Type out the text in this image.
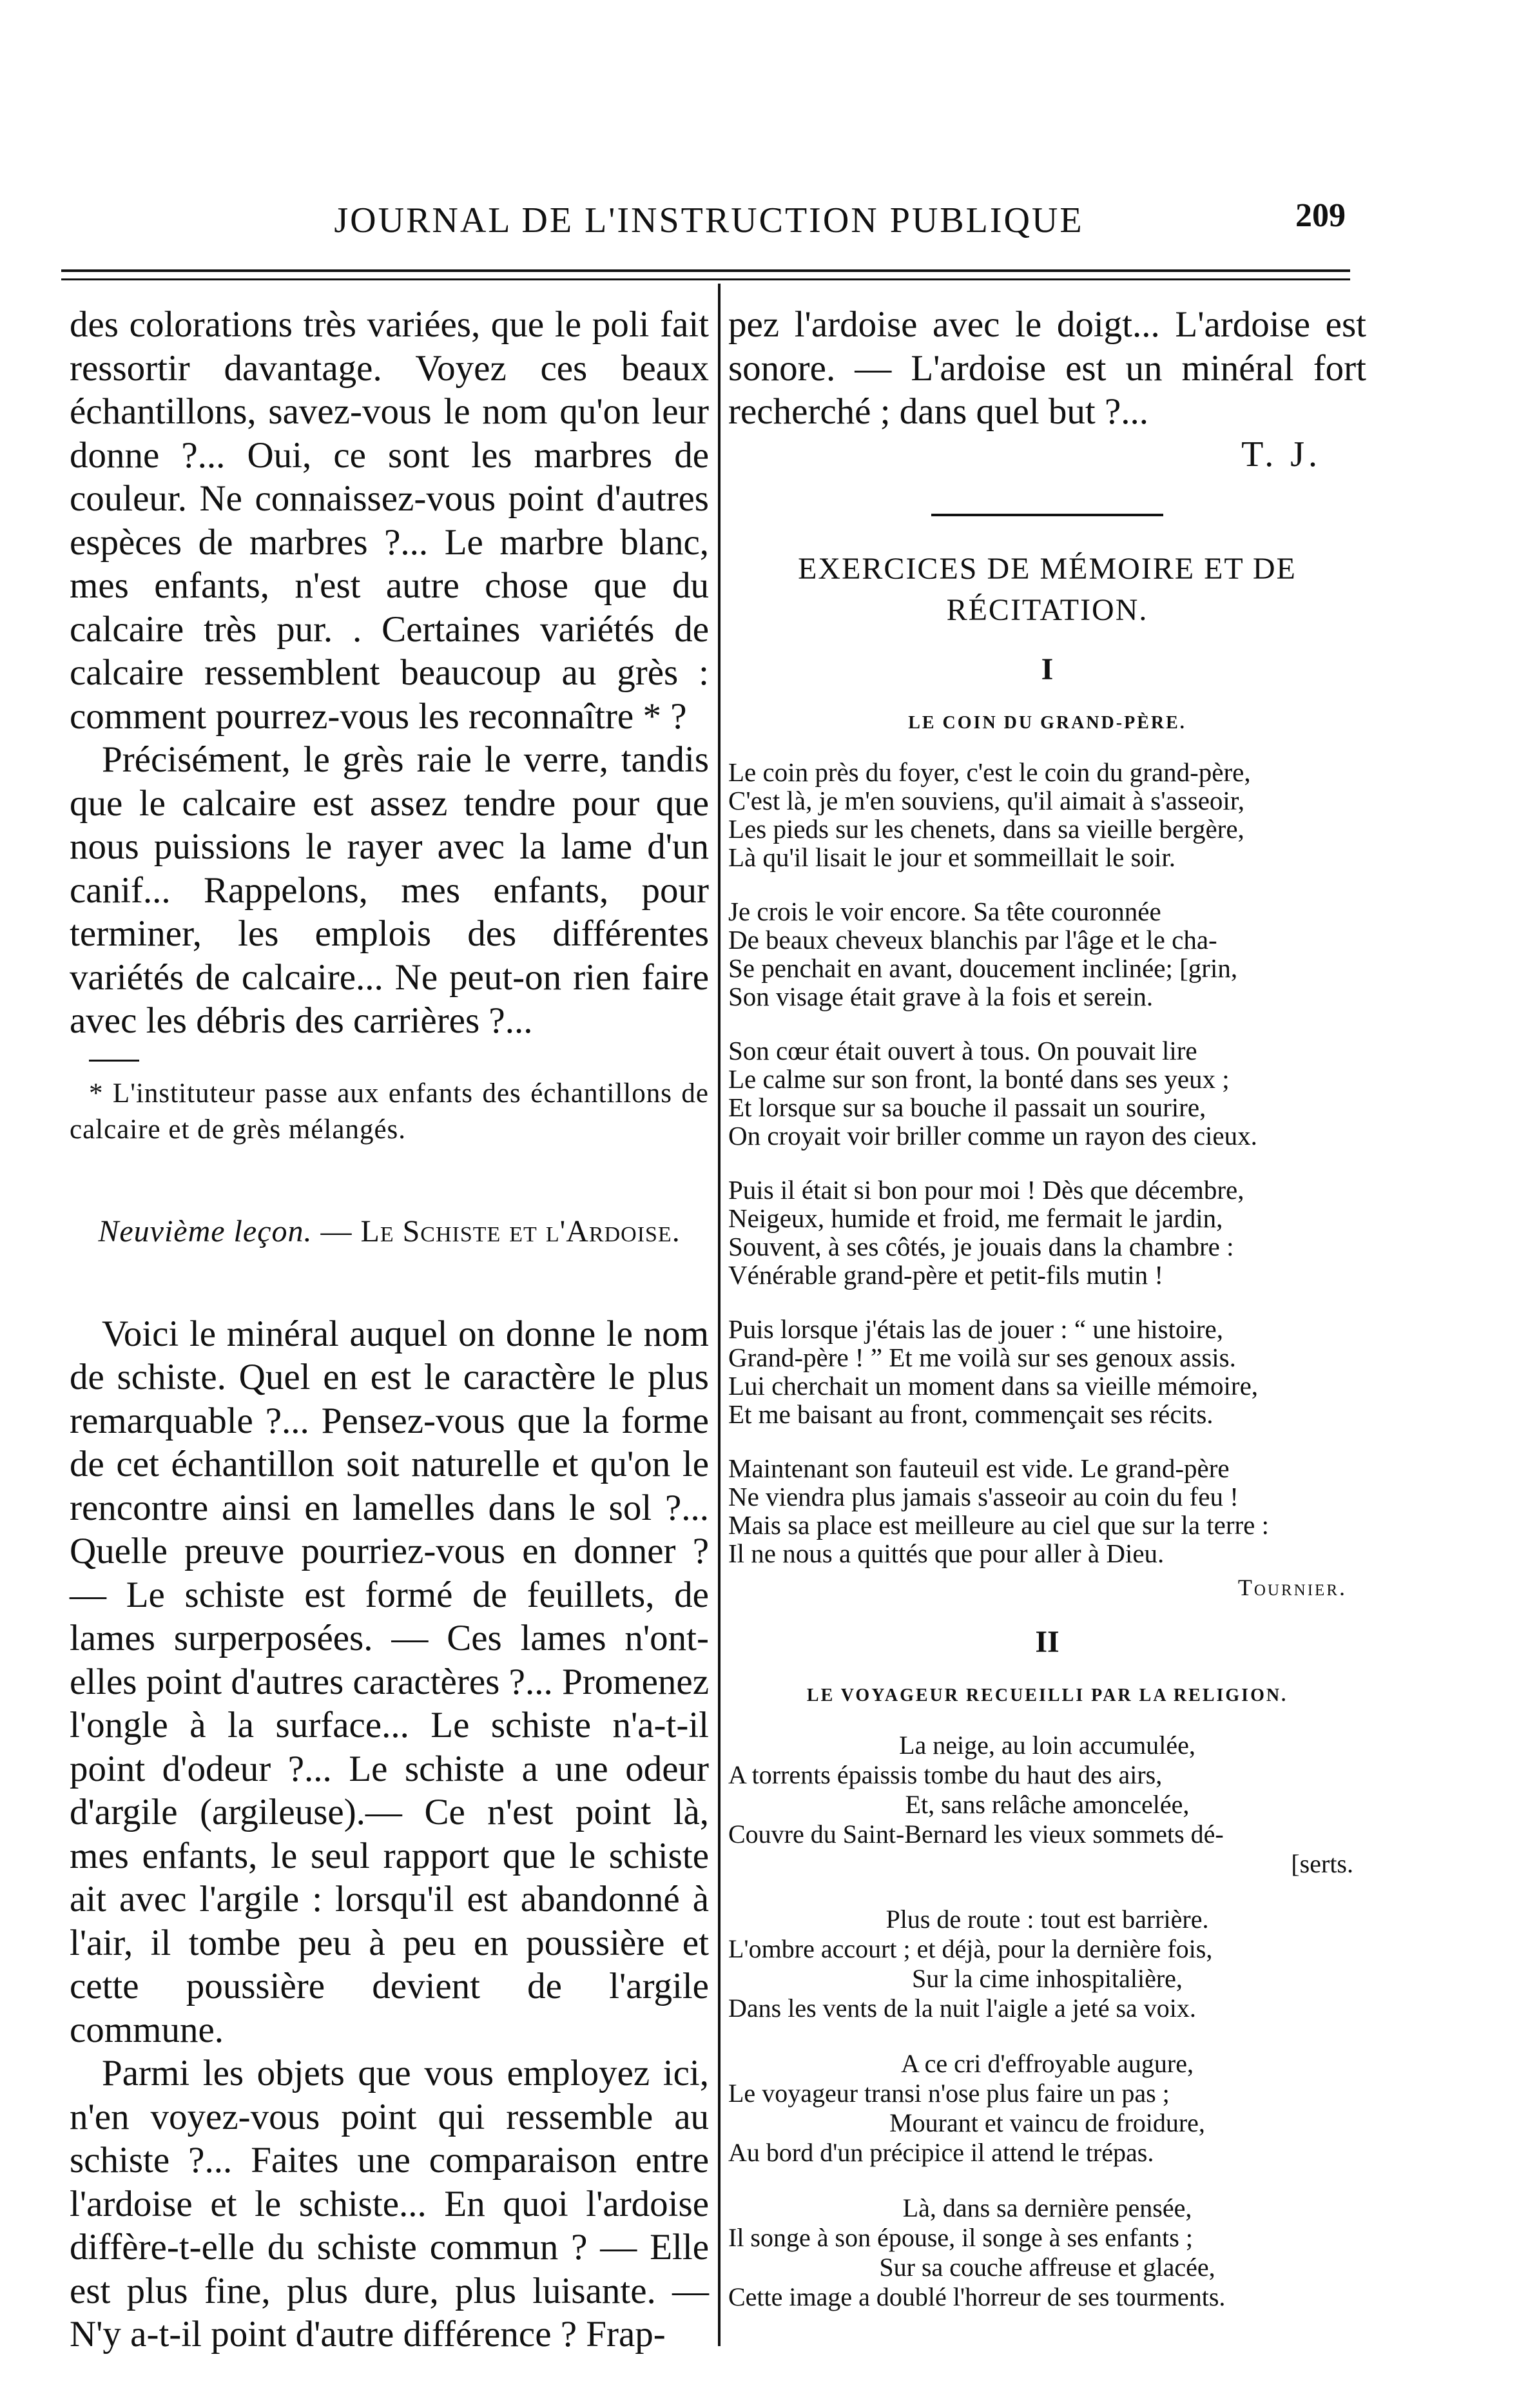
JOURNAL DE L'INSTRUCTION PUBLIQUE	209

des colorations très variées, que le poli fait ressortir davantage. Voyez ces beaux échantillons, savez-vous le nom qu'on leur donne ?... Oui, ce sont les marbres de couleur. Ne connaissez-vous point d'autres espèces de marbres ?... Le marbre blanc, mes enfants, n'est autre chose que du calcaire très pur. . Certaines variétés de calcaire ressemblent beaucoup au grès : comment pourrez-vous les reconnaître * ?

Précisément, le grès raie le verre, tandis que le calcaire est assez tendre pour que nous puissions le rayer avec la lame d'un canif... Rappelons, mes enfants, pour terminer, les emplois des différentes variétés de calcaire... Ne peut-on rien faire avec les débris des carrières ?...

* L'instituteur passe aux enfants des échantillons de calcaire et de grès mélangés.

Neuvième leçon. — Le Schiste et l'Ardoise.

Voici le minéral auquel on donne le nom de schiste. Quel en est le caractère le plus remarquable ?... Pensez-vous que la forme de cet échantillon soit naturelle et qu'on le rencontre ainsi en lamelles dans le sol ?... Quelle preuve pourriez-vous en donner ? — Le schiste est formé de feuillets, de lames surperposées. — Ces lames n'ont-elles point d'autres caractères ?... Promenez l'ongle à la surface... Le schiste n'a-t-il point d'odeur ?... Le schiste a une odeur d'argile (argileuse).— Ce n'est point là, mes enfants, le seul rapport que le schiste ait avec l'argile : lorsqu'il est abandonné à l'air, il tombe peu à peu en poussière et cette poussière devient de l'argile commune.

Parmi les objets que vous employez ici, n'en voyez-vous point qui ressemble au schiste ?... Faites une comparaison entre l'ardoise et le schiste... En quoi l'ardoise diffère-t-elle du schiste commun ? — Elle est plus fine, plus dure, plus luisante. — N'y a-t-il point d'autre différence ? Frap-

pez l'ardoise avec le doigt... L'ardoise est sonore. — L'ardoise est un minéral fort recherché ; dans quel but ?...

T. J.
EXERCICES DE MÉMOIRE ET DE RÉCITATION.
I
LE COIN DU GRAND-PÈRE.
Le coin près du foyer, c'est le coin du grand-père,
C'est là, je m'en souviens, qu'il aimait à s'asseoir,
Les pieds sur les chenets, dans sa vieille bergère,
Là qu'il lisait le jour et sommeillait le soir.
Je crois le voir encore. Sa tête couronnée
De beaux cheveux blanchis par l'âge et le cha-
Se penchait en avant, doucement inclinée; [grin,
Son visage était grave à la fois et serein.
Son cœur était ouvert à tous. On pouvait lire
Le calme sur son front, la bonté dans ses yeux ;
Et lorsque sur sa bouche il passait un sourire,
On croyait voir briller comme un rayon des cieux.
Puis il était si bon pour moi ! Dès que décembre,
Neigeux, humide et froid, me fermait le jardin,
Souvent, à ses côtés, je jouais dans la chambre :
Vénérable grand-père et petit-fils mutin !
Puis lorsque j'étais las de jouer : “ une histoire,
Grand-père ! ” Et me voilà sur ses genoux assis.
Lui cherchait un moment dans sa vieille mémoire,
Et me baisant au front, commençait ses récits.
Maintenant son fauteuil est vide. Le grand-père
Ne viendra plus jamais s'asseoir au coin du feu !
Mais sa place est meilleure au ciel que sur la terre :
Il ne nous a quittés que pour aller à Dieu.
Tournier.
II
LE VOYAGEUR RECUEILLI PAR LA RELIGION.
La neige, au loin accumulée,
A torrents épaissis tombe du haut des airs,
Et, sans relâche amoncelée,
Couvre du Saint-Bernard les vieux sommets dé-
[serts.
Plus de route : tout est barrière.
L'ombre accourt ; et déjà, pour la dernière fois,
Sur la cime inhospitalière,
Dans les vents de la nuit l'aigle a jeté sa voix.
A ce cri d'effroyable augure,
Le voyageur transi n'ose plus faire un pas ;
Mourant et vaincu de froidure,
Au bord d'un précipice il attend le trépas.
Là, dans sa dernière pensée,
Il songe à son épouse, il songe à ses enfants ;
Sur sa couche affreuse et glacée,
Cette image a doublé l'horreur de ses tourments.
